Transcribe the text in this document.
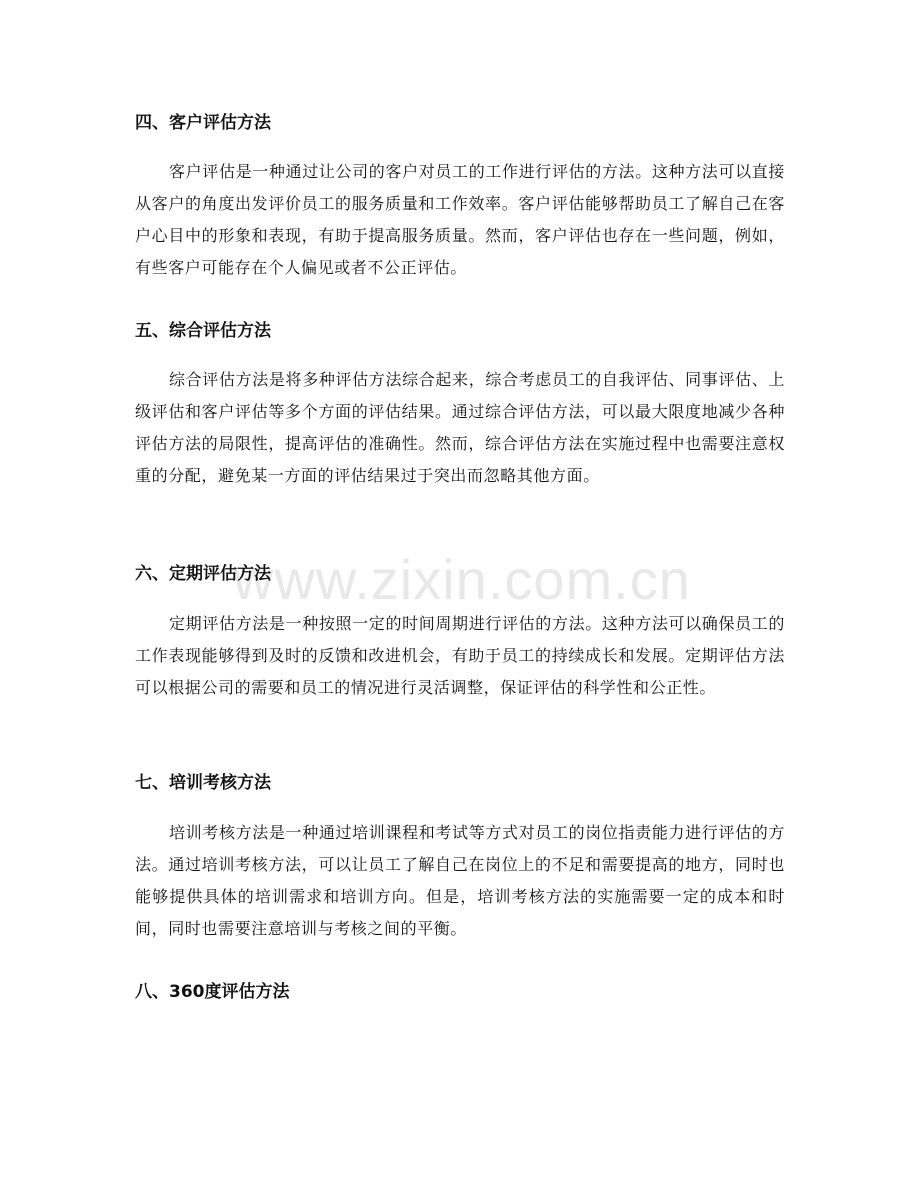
www.zixin.com.cn
四、客户评估方法
客户评估是一种通过让公司的客户对员工的工作进行评估的方法。这种方法可以直接从客户的角度出发评价员工的服务质量和工作效率。客户评估能够帮助员工了解自己在客户心目中的形象和表现，有助于提高服务质量。然而，客户评估也存在一些问题，例如，有些客户可能存在个人偏见或者不公正评估。
五、综合评估方法
综合评估方法是将多种评估方法综合起来，综合考虑员工的自我评估、同事评估、上级评估和客户评估等多个方面的评估结果。通过综合评估方法，可以最大限度地减少各种评估方法的局限性，提高评估的准确性。然而，综合评估方法在实施过程中也需要注意权重的分配，避免某一方面的评估结果过于突出而忽略其他方面。
六、定期评估方法
定期评估方法是一种按照一定的时间周期进行评估的方法。这种方法可以确保员工的工作表现能够得到及时的反馈和改进机会，有助于员工的持续成长和发展。定期评估方法可以根据公司的需要和员工的情况进行灵活调整，保证评估的科学性和公正性。
七、培训考核方法
培训考核方法是一种通过培训课程和考试等方式对员工的岗位指责能力进行评估的方法。通过培训考核方法，可以让员工了解自己在岗位上的不足和需要提高的地方，同时也能够提供具体的培训需求和培训方向。但是，培训考核方法的实施需要一定的成本和时间，同时也需要注意培训与考核之间的平衡。
八、360度评估方法
